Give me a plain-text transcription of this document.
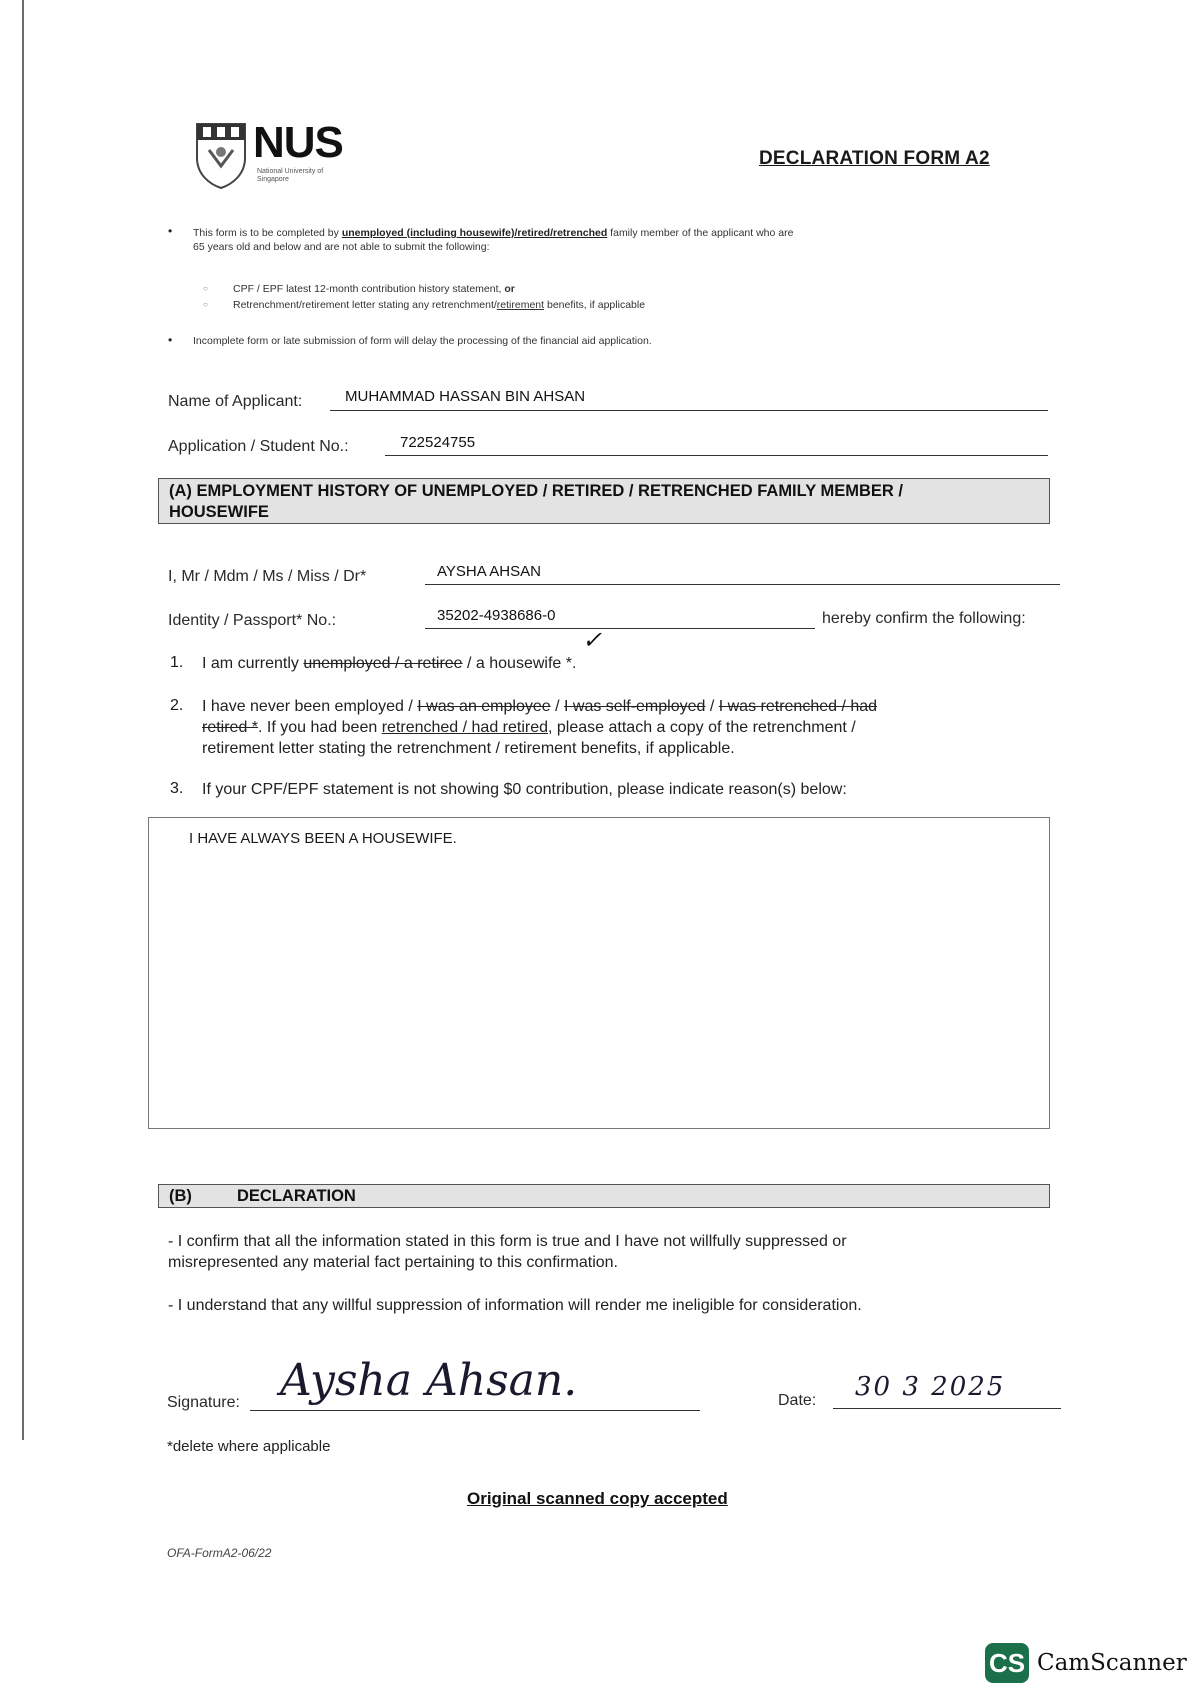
NUS
National University of Singapore
DECLARATION FORM A2
• This form is to be completed by unemployed (including housewife)/retired/retrenched family member of the applicant who are
65 years old and below and are not able to submit the following:
○ CPF / EPF latest 12-month contribution history statement, or
○ Retrenchment/retirement letter stating any retrenchment/retirement benefits, if applicable
• Incomplete form or late submission of form will delay the processing of the financial aid application.
Name of Applicant:	MUHAMMAD HASSAN BIN AHSAN
Application / Student No.:	722524755
(A) EMPLOYMENT HISTORY OF UNEMPLOYED / RETIRED / RETRENCHED FAMILY MEMBER /
HOUSEWIFE
I, Mr / Mdm / Ms / Miss / Dr*	AYSHA AHSAN
Identity / Passport* No.:	35202-4938686-0	hereby confirm the following:
✓
1. I am currently unemployed / a retiree / a housewife *.
2. I have never been employed / I was an employee / I was self-employed / I was retrenched / had
retired *. If you had been retrenched / had retired, please attach a copy of the retrenchment /
retirement letter stating the retrenchment / retirement benefits, if applicable.
3. If your CPF/EPF statement is not showing $0 contribution, please indicate reason(s) below:
I HAVE ALWAYS BEEN A HOUSEWIFE.
(B)	DECLARATION
- I confirm that all the information stated in this form is true and I have not willfully suppressed or
misrepresented any material fact pertaining to this confirmation.
- I understand that any willful suppression of information will render me ineligible for consideration.
Signature: Aysha Ahsan.	Date: 30 3 2025
*delete where applicable
Original scanned copy accepted
OFA-FormA2-06/22
CS CamScanner
